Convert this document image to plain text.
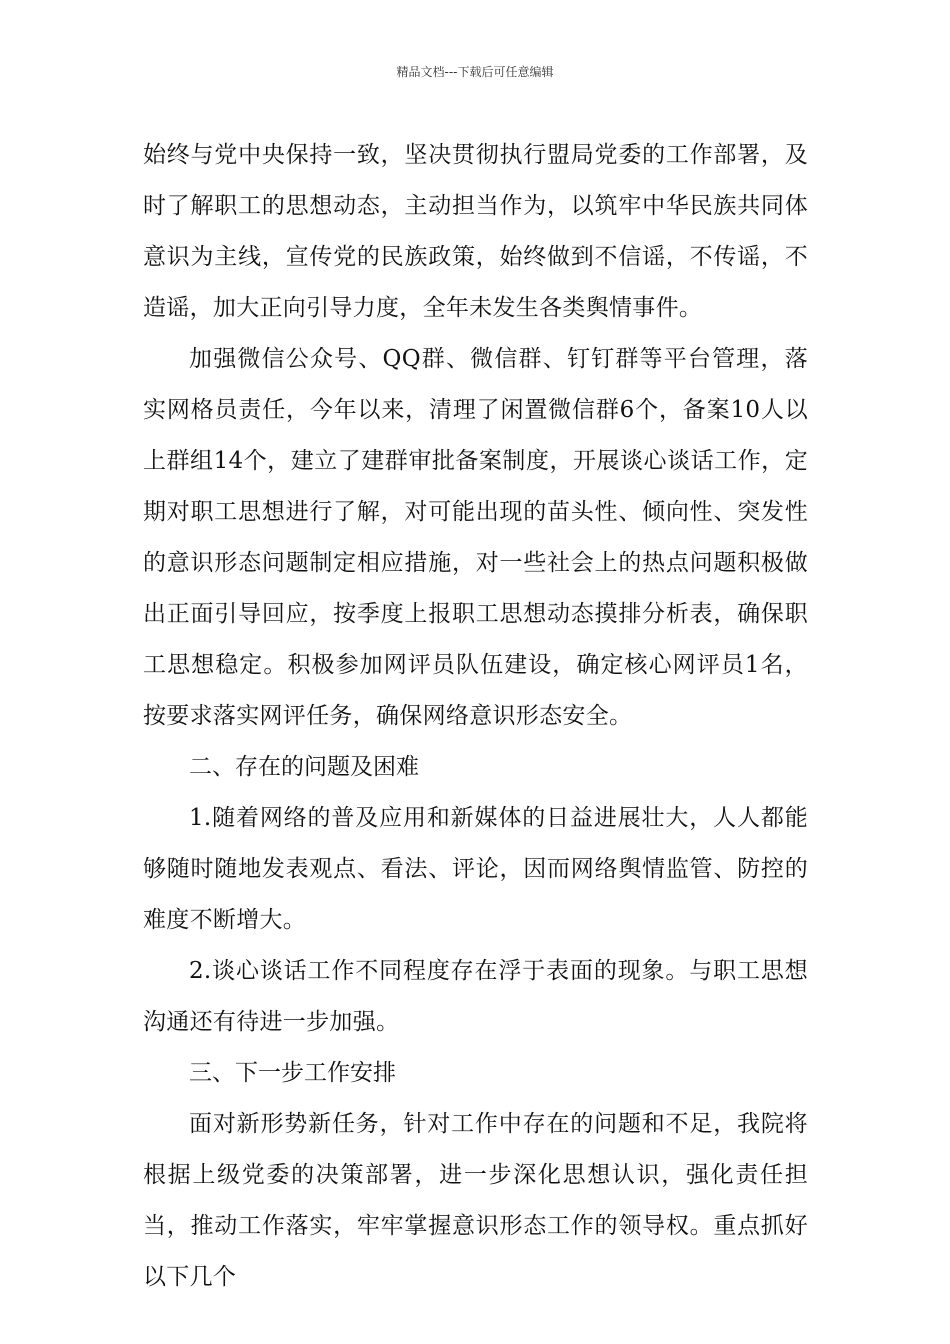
精品文档---下载后可任意编辑

始终与党中央保持一致，坚决贯彻执行盟局党委的工作部署，及时了解职工的思想动态，主动担当作为，以筑牢中华民族共同体意识为主线，宣传党的民族政策，始终做到不信谣，不传谣，不造谣，加大正向引导力度，全年未发生各类舆情事件。

加强微信公众号、QQ群、微信群、钉钉群等平台管理，落实网格员责任，今年以来，清理了闲置微信群6个，备案10人以上群组14个，建立了建群审批备案制度，开展谈心谈话工作，定期对职工思想进行了解，对可能出现的苗头性、倾向性、突发性的意识形态问题制定相应措施，对一些社会上的热点问题积极做出正面引导回应，按季度上报职工思想动态摸排分析表，确保职工思想稳定。积极参加网评员队伍建设，确定核心网评员1名，按要求落实网评任务，确保网络意识形态安全。

二、存在的问题及困难

1.随着网络的普及应用和新媒体的日益进展壮大，人人都能够随时随地发表观点、看法、评论，因而网络舆情监管、防控的难度不断增大。

2.谈心谈话工作不同程度存在浮于表面的现象。与职工思想沟通还有待进一步加强。

三、下一步工作安排

面对新形势新任务，针对工作中存在的问题和不足，我院将根据上级党委的决策部署，进一步深化思想认识，强化责任担当，推动工作落实，牢牢掌握意识形态工作的领导权。重点抓好以下几个
